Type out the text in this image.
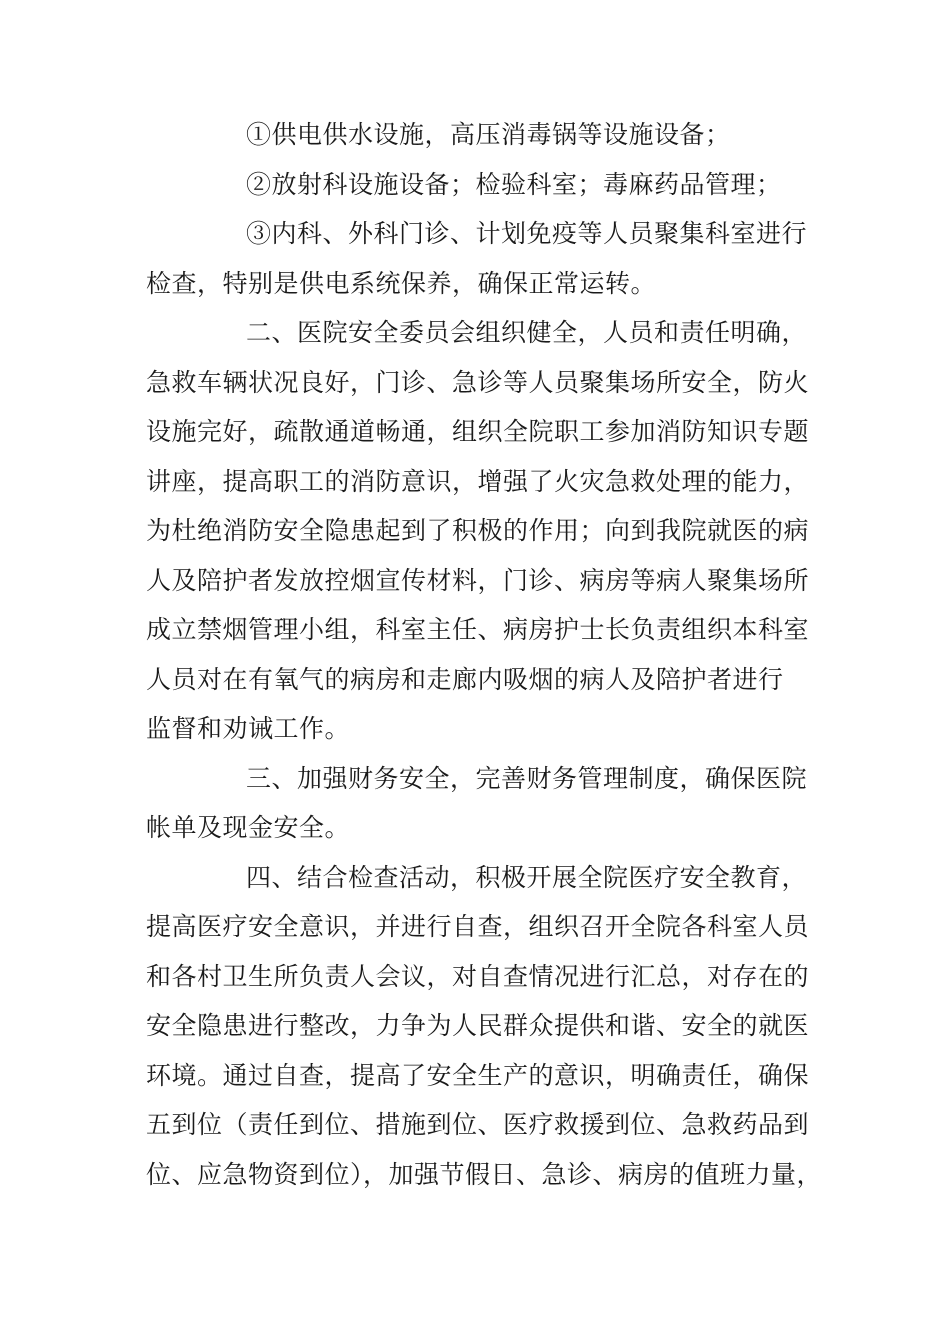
①供电供水设施，高压消毒锅等设施设备；
②放射科设施设备；检验科室；毒麻药品管理；
③内科、外科门诊、计划免疫等人员聚集科室进行
检查，特别是供电系统保养，确保正常运转。
二、医院安全委员会组织健全，人员和责任明确，
急救车辆状况良好，门诊、急诊等人员聚集场所安全，防火
设施完好，疏散通道畅通，组织全院职工参加消防知识专题
讲座，提高职工的消防意识，增强了火灾急救处理的能力，
为杜绝消防安全隐患起到了积极的作用；向到我院就医的病
人及陪护者发放控烟宣传材料，门诊、病房等病人聚集场所
成立禁烟管理小组，科室主任、病房护士长负责组织本科室
人员对在有氧气的病房和走廊内吸烟的病人及陪护者进行
监督和劝诫工作。
三、加强财务安全，完善财务管理制度，确保医院
帐单及现金安全。
四、结合检查活动，积极开展全院医疗安全教育，
提高医疗安全意识，并进行自查，组织召开全院各科室人员
和各村卫生所负责人会议，对自查情况进行汇总，对存在的
安全隐患进行整改，力争为人民群众提供和谐、安全的就医
环境。通过自查，提高了安全生产的意识，明确责任，确保
五到位（责任到位、措施到位、医疗救援到位、急救药品到
位、应急物资到位），加强节假日、急诊、病房的值班力量，
